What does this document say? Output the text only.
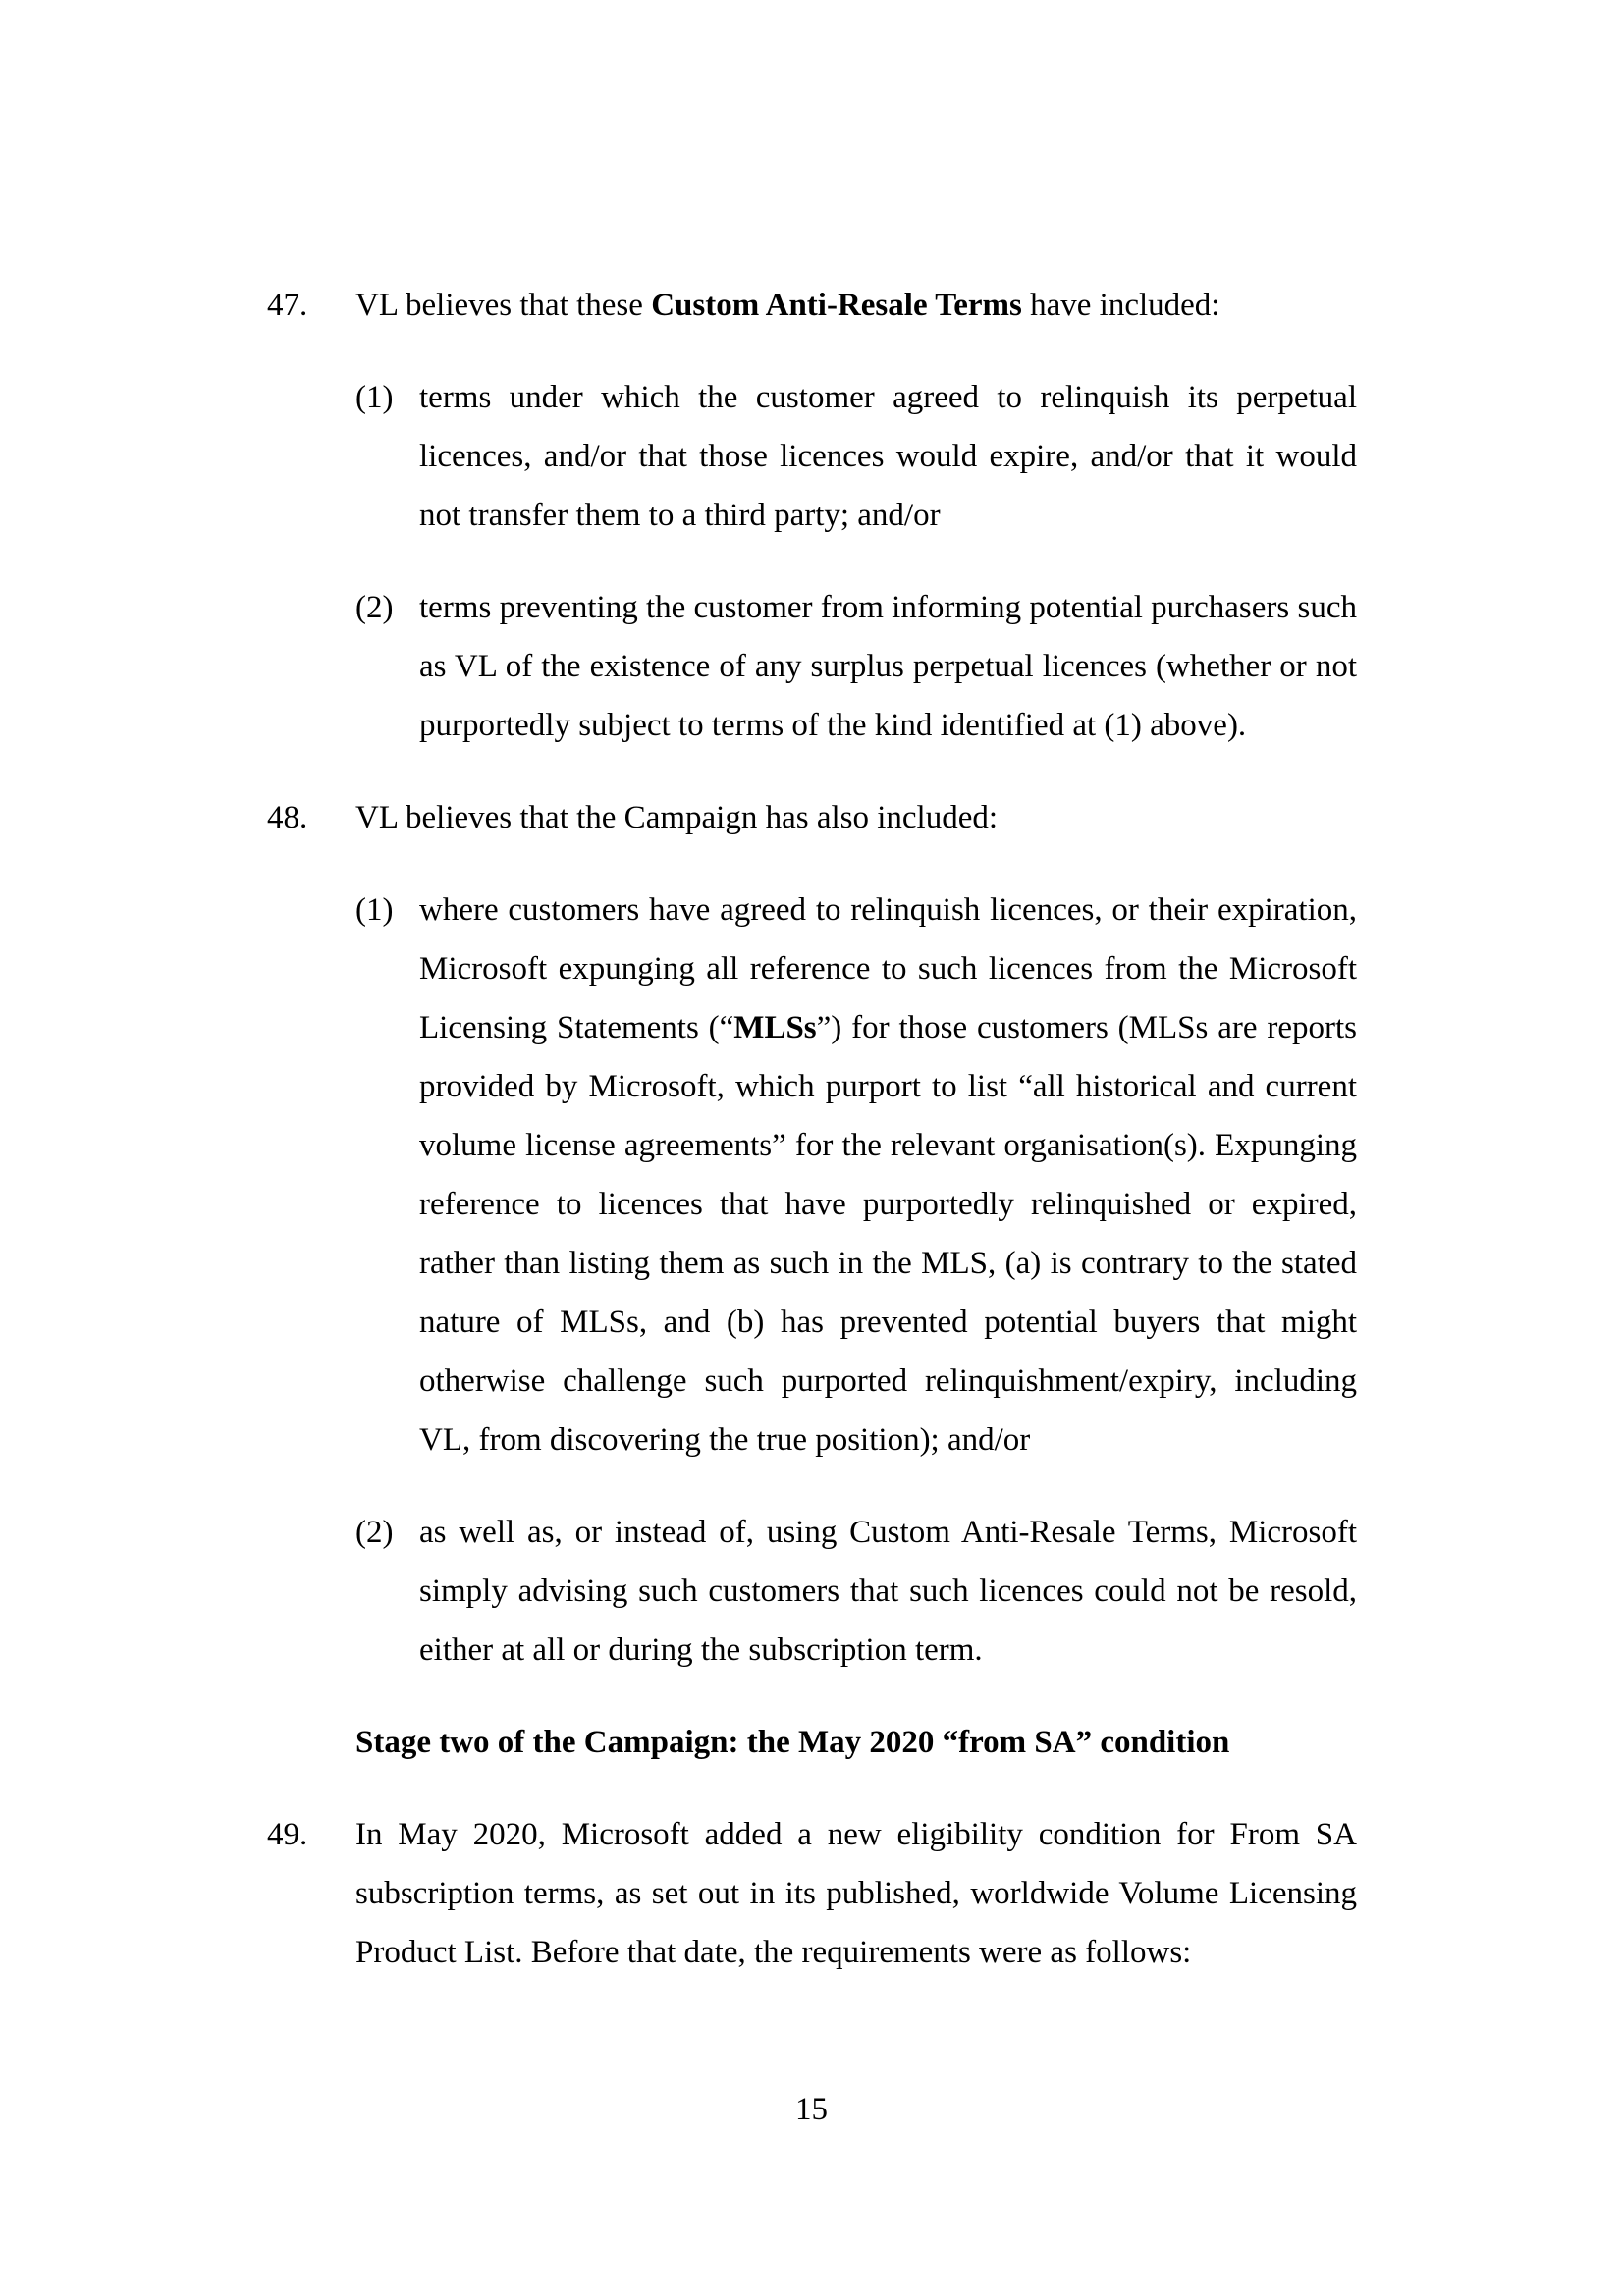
47.	VL believes that these Custom Anti-Resale Terms have included:
(1) terms under which the customer agreed to relinquish its perpetual licences, and/or that those licences would expire, and/or that it would not transfer them to a third party; and/or
(2) terms preventing the customer from informing potential purchasers such as VL of the existence of any surplus perpetual licences (whether or not purportedly subject to terms of the kind identified at (1) above).
48.	VL believes that the Campaign has also included:
(1) where customers have agreed to relinquish licences, or their expiration, Microsoft expunging all reference to such licences from the Microsoft Licensing Statements (“MLSs”) for those customers (MLSs are reports provided by Microsoft, which purport to list “all historical and current volume license agreements” for the relevant organisation(s). Expunging reference to licences that have purportedly relinquished or expired, rather than listing them as such in the MLS, (a) is contrary to the stated nature of MLSs, and (b) has prevented potential buyers that might otherwise challenge such purported relinquishment/expiry, including VL, from discovering the true position); and/or
(2) as well as, or instead of, using Custom Anti-Resale Terms, Microsoft simply advising such customers that such licences could not be resold, either at all or during the subscription term.
Stage two of the Campaign: the May 2020 “from SA” condition
49.	In May 2020, Microsoft added a new eligibility condition for From SA subscription terms, as set out in its published, worldwide Volume Licensing Product List. Before that date, the requirements were as follows:
15
